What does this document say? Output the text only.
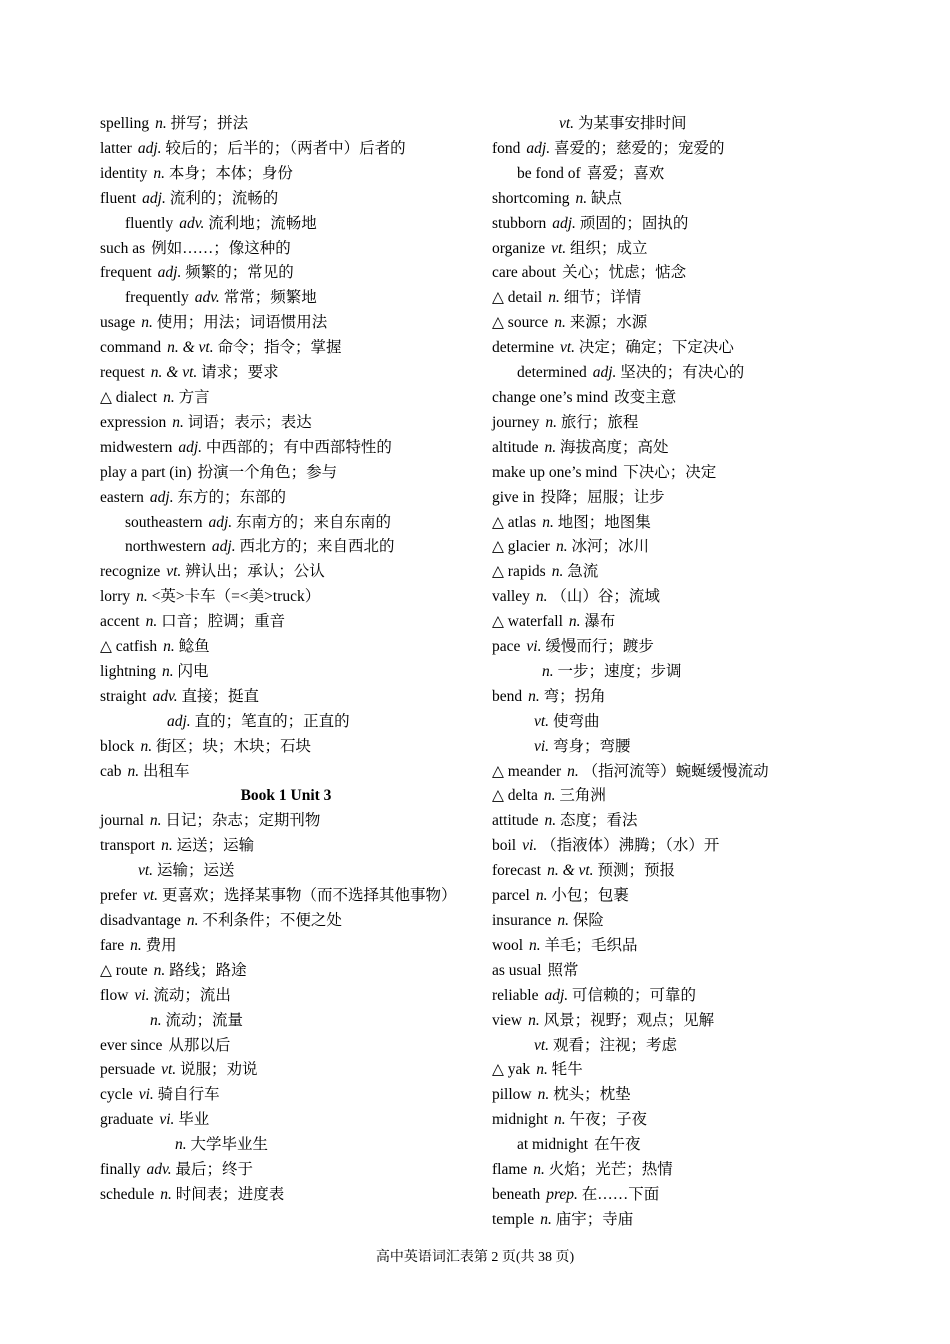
spelling n. 拼写；拼法
latter adj. 较后的；后半的；（两者中）后者的
identity n. 本身；本体；身份
fluent adj. 流利的；流畅的
fluently adv. 流利地；流畅地
such as 例如……；像这种的
frequent adj. 频繁的；常见的
frequently adv. 常常；频繁地
usage n. 使用；用法；词语惯用法
command n. & vt. 命令；指令；掌握
request n. & vt. 请求；要求
△ dialect n. 方言
expression n. 词语；表示；表达
midwestern adj. 中西部的；有中西部特性的
play a part (in) 扮演一个角色；参与
eastern adj. 东方的；东部的
southeastern adj. 东南方的；来自东南的
northwestern adj. 西北方的；来自西北的
recognize vt. 辨认出；承认；公认
lorry n. <英>卡车（=<美>truck）
accent n. 口音；腔调；重音
△ catfish n. 鲶鱼
lightning n. 闪电
straight adv. 直接；挺直
adj. 直的；笔直的；正直的
block n. 街区；块；木块；石块
cab n. 出租车
Book 1 Unit 3
journal n. 日记；杂志；定期刊物
transport n. 运送；运输
vt. 运输；运送
prefer vt. 更喜欢；选择某事物（而不选择其他事物）
disadvantage n. 不利条件；不便之处
fare n. 费用
△ route n. 路线；路途
flow vi. 流动；流出
n. 流动；流量
ever since 从那以后
persuade vt. 说服；劝说
cycle vi. 骑自行车
graduate vi. 毕业
n. 大学毕业生
finally adv. 最后；终于
schedule n. 时间表；进度表
vt. 为某事安排时间
fond adj. 喜爱的；慈爱的；宠爱的
be fond of 喜爱；喜欢
shortcoming n. 缺点
stubborn adj. 顽固的；固执的
organize vt. 组织；成立
care about 关心；忧虑；惦念
△ detail n. 细节；详情
△ source n. 来源；水源
determine vt. 决定；确定；下定决心
determined adj. 坚决的；有决心的
change one’s mind 改变主意
journey n. 旅行；旅程
altitude n. 海拔高度；高处
make up one’s mind 下决心；决定
give in 投降；屈服；让步
△ atlas n. 地图；地图集
△ glacier n. 冰河；冰川
△ rapids n. 急流
valley n. （山）谷；流域
△ waterfall n. 瀑布
pace vi. 缓慢而行；踱步
n. 一步；速度；步调
bend n. 弯；拐角
vt. 使弯曲
vi. 弯身；弯腰
△ meander n. （指河流等）蜿蜒缓慢流动
△ delta n. 三角洲
attitude n. 态度；看法
boil vi. （指液体）沸腾；（水）开
forecast n. & vt. 预测；预报
parcel n. 小包；包裹
insurance n. 保险
wool n. 羊毛；毛织品
as usual 照常
reliable adj. 可信赖的；可靠的
view n. 风景；视野；观点；见解
vt. 观看；注视；考虑
△ yak n. 牦牛
pillow n. 枕头；枕垫
midnight n. 午夜；子夜
at midnight 在午夜
flame n. 火焰；光芒；热情
beneath prep. 在……下面
temple n. 庙宇；寺庙
高中英语词汇表第 2 页(共 38 页)
